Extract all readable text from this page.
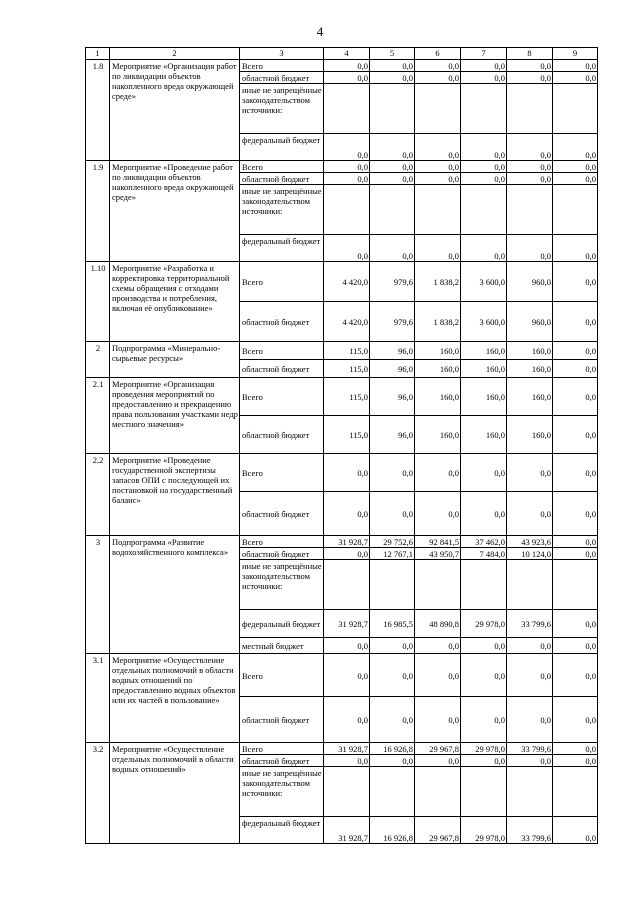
4
1	2	3	4	5	6	7	8	9
1.8	Мероприятие «Организация работ по ликвидации объектов накопленного вреда окружающей среде»	Всего	0,0	0,0	0,0	0,0	0,0	0,0
		областной бюджет	0,0	0,0	0,0	0,0	0,0	0,0
		иные не запрещённые законодательством источники:						
		федеральный бюджет	0,0	0,0	0,0	0,0	0,0	0,0
1.9	Мероприятие «Проведение работ по ликвидации объектов накопленного вреда окружающей среде»	Всего	0,0	0,0	0,0	0,0	0,0	0,0
		областной бюджет	0,0	0,0	0,0	0,0	0,0	0,0
		иные не запрещённые законодательством источники:						
		федеральный бюджет	0,0	0,0	0,0	0,0	0,0	0,0
1.10	Мероприятие «Разработка и корректировка территориальной схемы обращения с отходами производства и потребления, включая её опубликование»	Всего	4 420,0	979,6	1 838,2	3 600,0	960,0	0,0
		областной бюджет	4 420,0	979,6	1 838,2	3 600,0	960,0	0,0
2	Подпрограмма «Минерально-сырьевые ресурсы»	Всего	115,0	96,0	160,0	160,0	160,0	0,0
		областной бюджет	115,0	96,0	160,0	160,0	160,0	0,0
2.1	Мероприятие «Организация проведения мероприятий по предоставлению и прекращению права пользования участками недр местного значения»	Всего	115,0	96,0	160,0	160,0	160,0	0,0
		областной бюджет	115,0	96,0	160,0	160,0	160,0	0,0
2.2	Мероприятие «Проведение государственной экспертизы запасов ОПИ с последующей их постановкой на государственный баланс»	Всего	0,0	0,0	0,0	0,0	0,0	0,0
		областной бюджет	0,0	0,0	0,0	0,0	0,0	0,0
3	Подпрограмма «Развитие водохозяйственного комплекса»	Всего	31 928,7	29 752,6	92 841,5	37 462,0	43 923,6	0,0
		областной бюджет	0,0	12 767,1	43 950,7	7 484,0	10 124,0	0,0
		иные не запрещённые законодательством источники:						
		федеральный бюджет	31 928,7	16 985,5	48 890,8	29 978,0	33 799,6	0,0
		местный бюджет	0,0	0,0	0,0	0,0	0,0	0,0
3.1	Мероприятие «Осуществление отдельных полномочий в области водных отношений по предоставлению водных объектов или их частей в пользование»	Всего	0,0	0,0	0,0	0,0	0,0	0,0
		областной бюджет	0,0	0,0	0,0	0,0	0,0	0,0
3.2	Мероприятие «Осуществление отдельных полномочий в области водных отношений»	Всего	31 928,7	16 926,8	29 967,8	29 978,0	33 799,6	0,0
		областной бюджет	0,0	0,0	0,0	0,0	0,0	0,0
		иные не запрещённые законодательством источники:						
		федеральный бюджет	31 928,7	16 926,8	29 967,8	29 978,0	33 799,6	0,0
